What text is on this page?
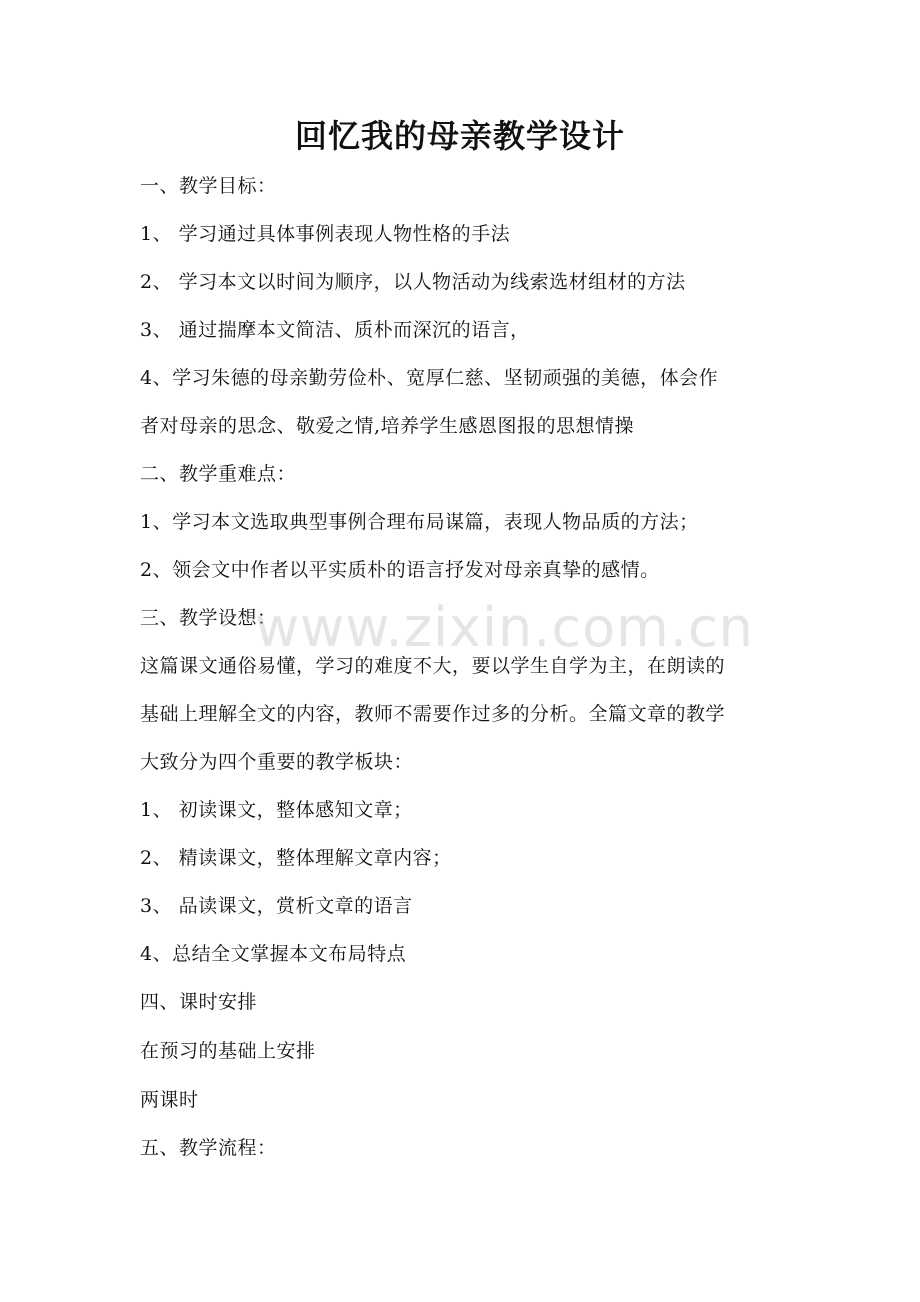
回忆我的母亲教学设计
一、教学目标：
1、 学习通过具体事例表现人物性格的手法
2、 学习本文以时间为顺序，以人物活动为线索选材组材的方法
3、 通过揣摩本文简洁、质朴而深沉的语言，
4、学习朱德的母亲勤劳俭朴、宽厚仁慈、坚韧顽强的美德，体会作
者对母亲的思念、敬爱之情,培养学生感恩图报的思想情操
二、教学重难点：
1、学习本文选取典型事例合理布局谋篇，表现人物品质的方法；
2、领会文中作者以平实质朴的语言抒发对母亲真挚的感情。
三、教学设想：
这篇课文通俗易懂，学习的难度不大，要以学生自学为主，在朗读的
基础上理解全文的内容，教师不需要作过多的分析。全篇文章的教学
大致分为四个重要的教学板块：
1、 初读课文，整体感知文章；
2、 精读课文，整体理解文章内容；
3、 品读课文，赏析文章的语言
4、总结全文掌握本文布局特点
四、课时安排
在预习的基础上安排
两课时
五、教学流程：
www.zixin.com.cn
